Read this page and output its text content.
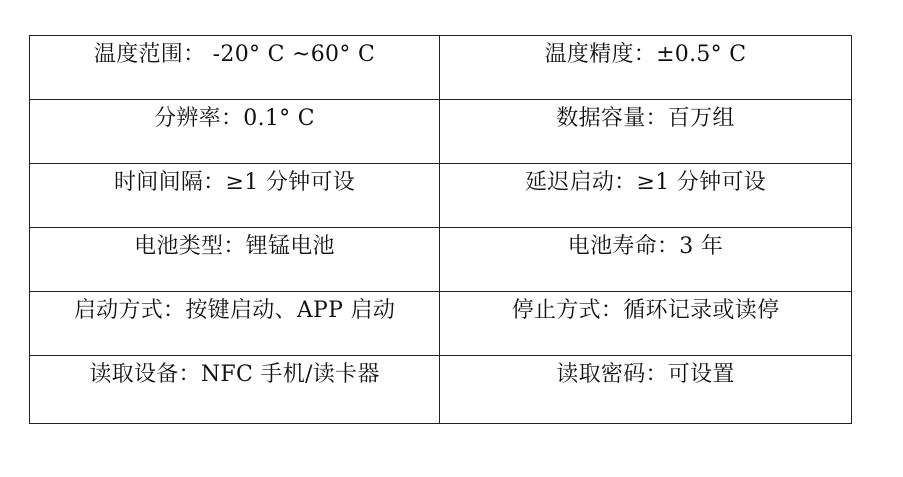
温度范围： -20° C ~60° C	温度精度：±0.5° C

分辨率：0.1° C	数据容量：百万组

时间间隔：≥1 分钟可设	延迟启动：≥1 分钟可设

电池类型：锂锰电池	电池寿命：3 年

启动方式：按键启动、APP 启动	停止方式：循环记录或读停

读取设备：NFC 手机/读卡器	读取密码：可设置
